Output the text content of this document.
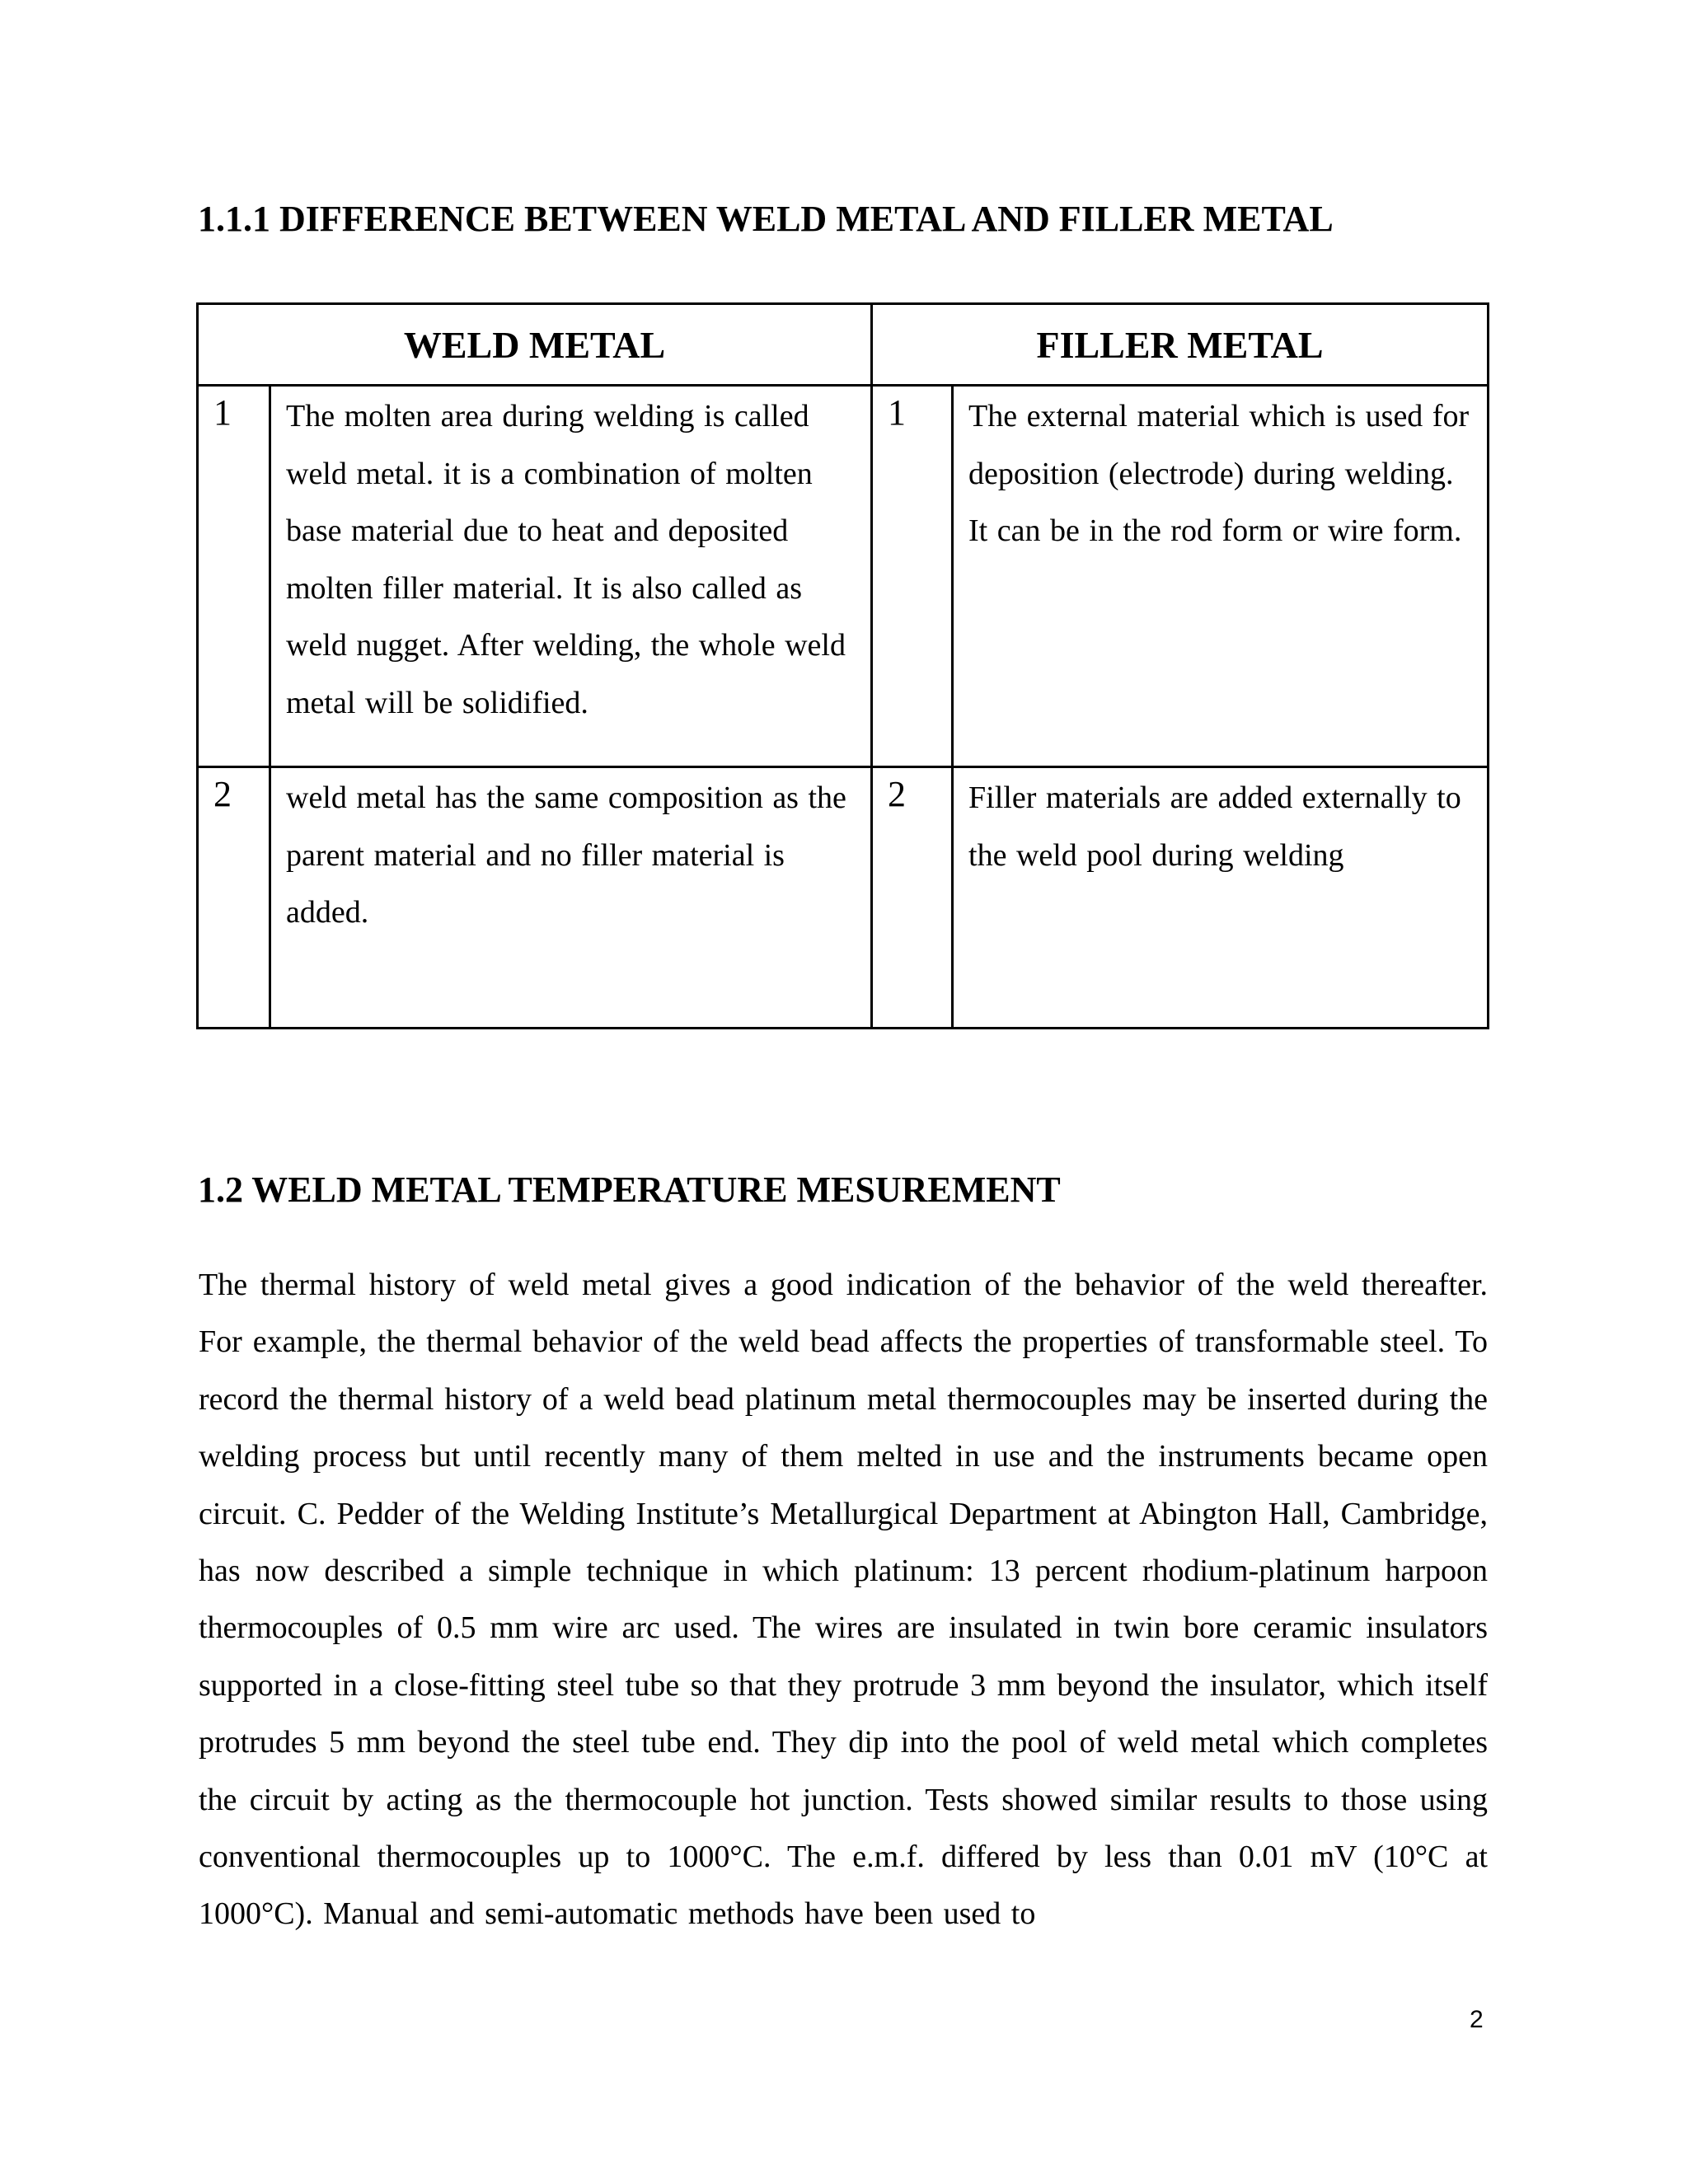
1.1.1 DIFFERENCE BETWEEN WELD METAL AND FILLER METAL
WELD METAL		FILLER METAL	
1	The molten area during welding is called weld metal. it is a combination of molten base material due to heat and deposited molten filler material. It is also called as weld nugget. After welding, the whole weld metal will be solidified.	1	The external material which is used for deposition (electrode) during welding. It can be in the rod form or wire form.
2	weld metal has the same composition as the parent material and no filler material is added.	2	Filler materials are added externally to the weld pool during welding
1.2 WELD METAL TEMPERATURE MESUREMENT

The thermal history of weld metal gives a good indication of the behavior of the weld thereafter. For example, the thermal behavior of the weld bead affects the properties of transformable steel. To record the thermal history of a weld bead platinum metal thermocouples may be inserted during the welding process but until recently many of them melted in use and the instruments became open circuit. C. Pedder of the Welding Institute’s Metallurgical Department at Abington Hall, Cambridge, has now described a simple technique in which platinum: 13 percent rhodium-platinum harpoon thermocouples of 0.5 mm wire arc used. The wires are insulated in twin bore ceramic insulators supported in a close-fitting steel tube so that they protrude 3 mm beyond the insulator, which itself protrudes 5 mm beyond the steel tube end. They dip into the pool of weld metal which completes the circuit by acting as the thermocouple hot junction. Tests showed similar results to those using conventional thermocouples up to 1000°C. The e.m.f. differed by less than 0.01 mV (10°C at 1000°C). Manual and semi-automatic methods have been used to

2
